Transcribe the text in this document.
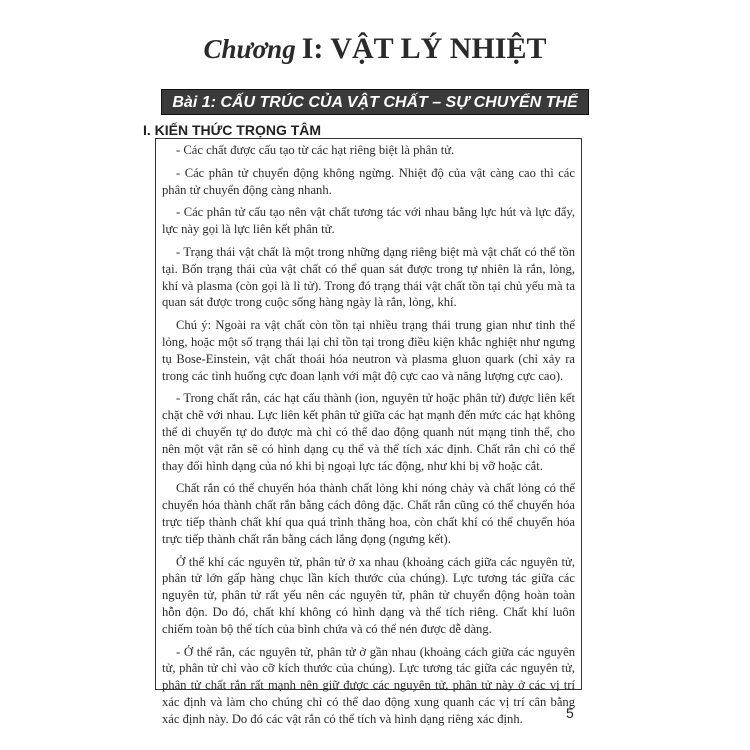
Chương I: VẬT LÝ NHIỆT
Bài 1: CẤU TRÚC CỦA VẬT CHẤT – SỰ CHUYỂN THỂ
I. KIẾN THỨC TRỌNG TÂM

- Các chất được cấu tạo từ các hạt riêng biệt là phân tử.

- Các phân tử chuyển động không ngừng. Nhiệt độ của vật càng cao thì các phân tử chuyển động càng nhanh.

- Các phân tử cấu tạo nên vật chất tương tác với nhau bằng lực hút và lực đẩy, lực này gọi là lực liên kết phân tử.

- Trạng thái vật chất là một trong những dạng riêng biệt mà vật chất có thể tồn tại. Bốn trạng thái của vật chất có thể quan sát được trong tự nhiên là rắn, lỏng, khí và plasma (còn gọi là lỉ tử). Trong đó trạng thái vật chất tồn tại chủ yếu mà ta quan sát được trong cuộc sống hàng ngày là rắn, lỏng, khí.

Chú ý: Ngoài ra vật chất còn tồn tại nhiều trạng thái trung gian như tinh thể lỏng, hoặc một số trạng thái lại chỉ tồn tại trong điều kiện khắc nghiệt như ngưng tụ Bose-Einstein, vật chất thoái hóa neutron và plasma gluon quark (chỉ xảy ra trong các tình huống cực đoan lạnh với mật độ cực cao và năng lượng cực cao).

- Trong chất rắn, các hạt cấu thành (ion, nguyên tử hoặc phân tử) được liên kết chặt chẽ với nhau. Lực liên kết phân tử giữa các hạt mạnh đến mức các hạt không thể di chuyển tự do được mà chỉ có thể dao động quanh nút mạng tinh thể, cho nên một vật rắn sẽ có hình dạng cụ thể và thể tích xác định. Chất rắn chỉ có thể thay đổi hình dạng của nó khi bị ngoại lực tác động, như khi bị vỡ hoặc cắt.

Chất rắn có thể chuyển hóa thành chất lỏng khi nóng chảy và chất lỏng có thể chuyển hóa thành chất rắn bằng cách đông đặc. Chất rắn cũng có thể chuyển hóa trực tiếp thành chất khí qua quá trình thăng hoa, còn chất khí có thể chuyển hóa trực tiếp thành chất rắn bằng cách lắng đọng (ngưng kết).

Ở thể khí các nguyên tử, phân tử ở xa nhau (khoảng cách giữa các nguyên tử, phân tử lớn gấp hàng chục lần kích thước của chúng). Lực tương tác giữa các nguyên tử, phân tử rất yếu nên các nguyên tử, phân tử chuyển động hoàn toàn hỗn độn. Do đó, chất khí không có hình dạng và thể tích riêng. Chất khí luôn chiếm toàn bộ thể tích của bình chứa và có thể nén được dễ dàng.

- Ở thể rắn, các nguyên tử, phân tử ở gần nhau (khoảng cách giữa các nguyên tử, phân tử chỉ vào cỡ kích thước của chúng). Lực tương tác giữa các nguyên tử, phân tử chất rắn rất mạnh nên giữ được các nguyên tử, phân tử này ở các vị trí xác định và làm cho chúng chỉ có thể dao động xung quanh các vị trí cân bằng xác định này. Do đó các vật rắn có thể tích và hình dạng riêng xác định.	5
